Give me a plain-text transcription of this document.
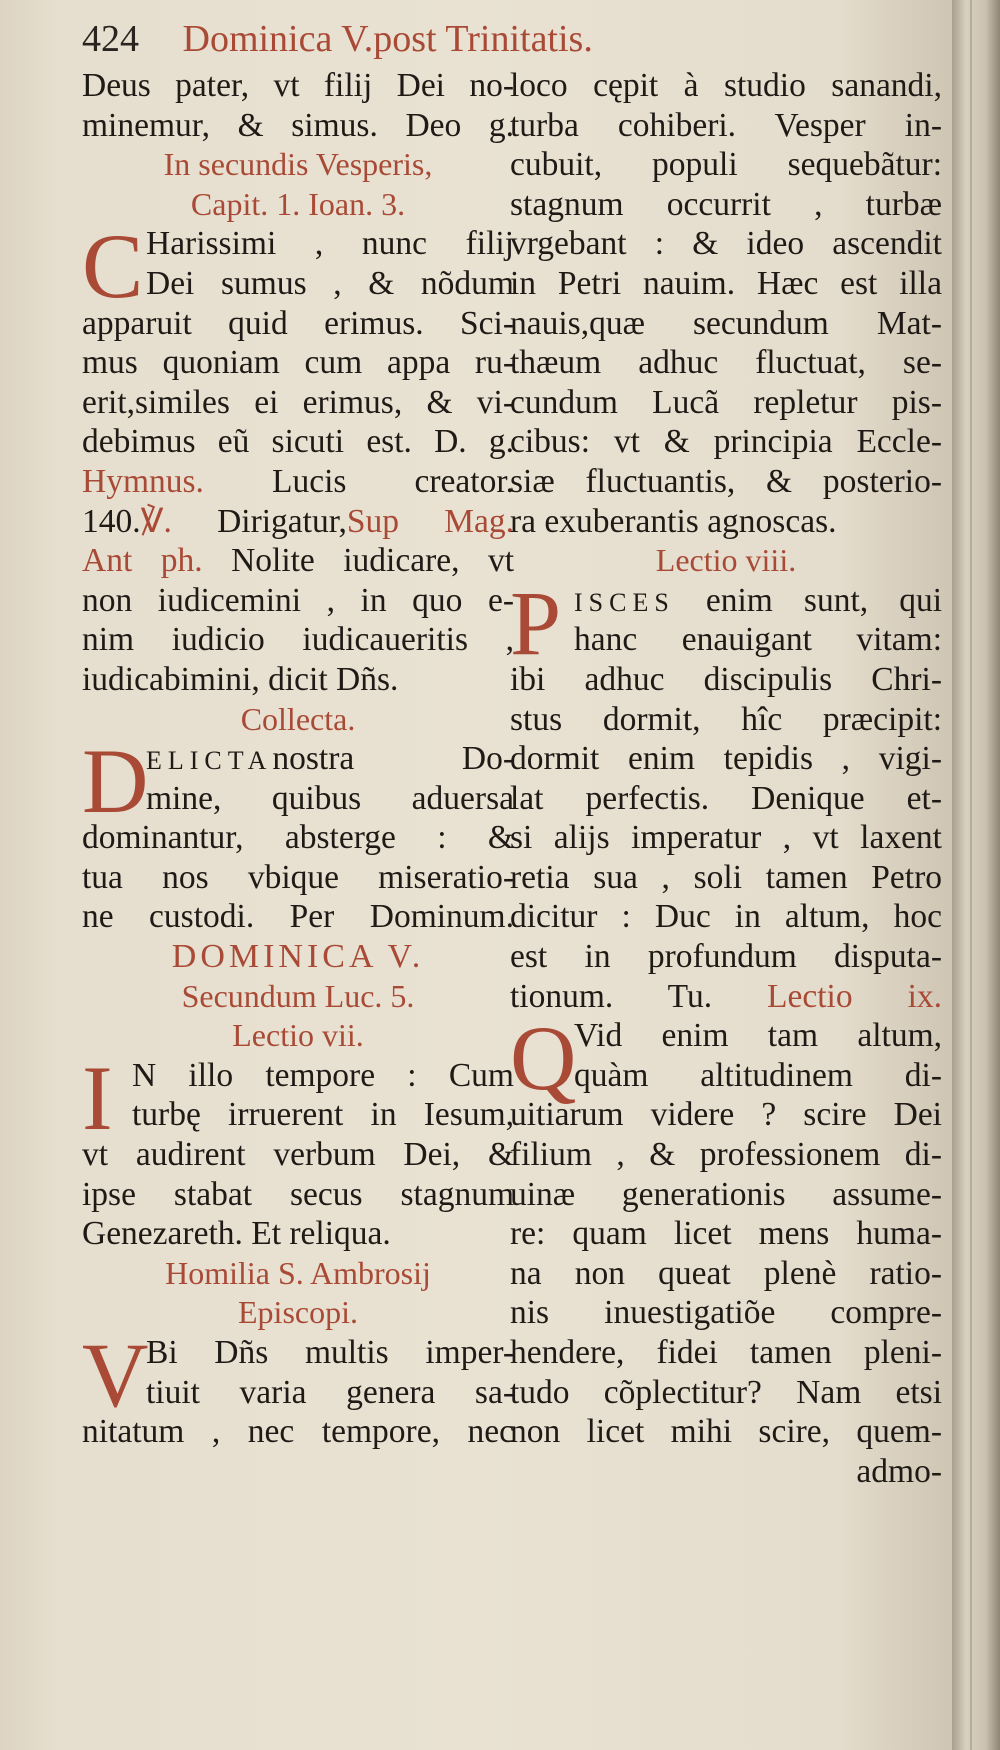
424 Dominica V.post Trinitatis.
Deus pater, vt filij Dei no-
minemur, & simus. Deo g.
In secundis Vesperis,
Capit. 1. Ioan. 3.
C Harissimi , nunc filij
Dei sumus , & nõdum
apparuit quid erimus. Sci-
mus quoniam cum appa ru-
erit,similes ei erimus, & vi-
debimus eũ sicuti est. D. g.
Hymnus. Lucis creator.
140.℣. Dirigatur,Sup Mag.
Ant ph. Nolite iudicare, vt
non iudicemini , in quo e-
nim iudicio iudicaueritis ,
iudicabimini, dicit Dñs.
Collecta.
D
ELICTAnostra Do-
mine, quibus aduersa
dominantur, absterge : &
tua nos vbique miseratio-
ne custodi. Per Dominum.
DOMINICA V.
Secundum Luc. 5.
Lectio vii.
I N illo tempore : Cum
turbę irruerent in Iesum,
vt audirent verbum Dei, &
ipse stabat secus stagnum
Genezareth. Et reliqua.
Homilia S. Ambrosij
Episcopi.
V
Bi Dñs multis imper-
tiuit varia genera sa-
nitatum , nec tempore, nec
loco cępit à studio sanandi,
turba cohiberi. Vesper in-
cubuit, populi sequebãtur:
stagnum occurrit , turbæ
vrgebant : & ideo ascendit
in Petri nauim. Hæc est illa
nauis,quæ secundum Mat-
thæum adhuc fluctuat, se-
cundum Lucã repletur pis-
cibus: vt & principia Eccle-
siæ fluctuantis, & posterio-
ra exuberantis agnoscas.
Lectio viii.
P ISCES enim sunt, qui
hanc enauigant vitam:
ibi adhuc discipulis Chri-
stus dormit, hîc præcipit:
dormit enim tepidis , vigi-
lat perfectis. Denique et-
si alijs imperatur , vt laxent
retia sua , soli tamen Petro
dicitur : Duc in altum, hoc
est in profundum disputa-
tionum. Tu. Lectio ix.
Q
Vid enim tam altum,
quàm altitudinem di-
uitiarum videre ? scire Dei
filium , & professionem di-
uinæ generationis assume-
re: quam licet mens huma-
na non queat plenè ratio-
nis inuestigatiõe compre-
hendere, fidei tamen pleni-
tudo cõplectitur? Nam etsi
non licet mihi scire, quem-
admo-
